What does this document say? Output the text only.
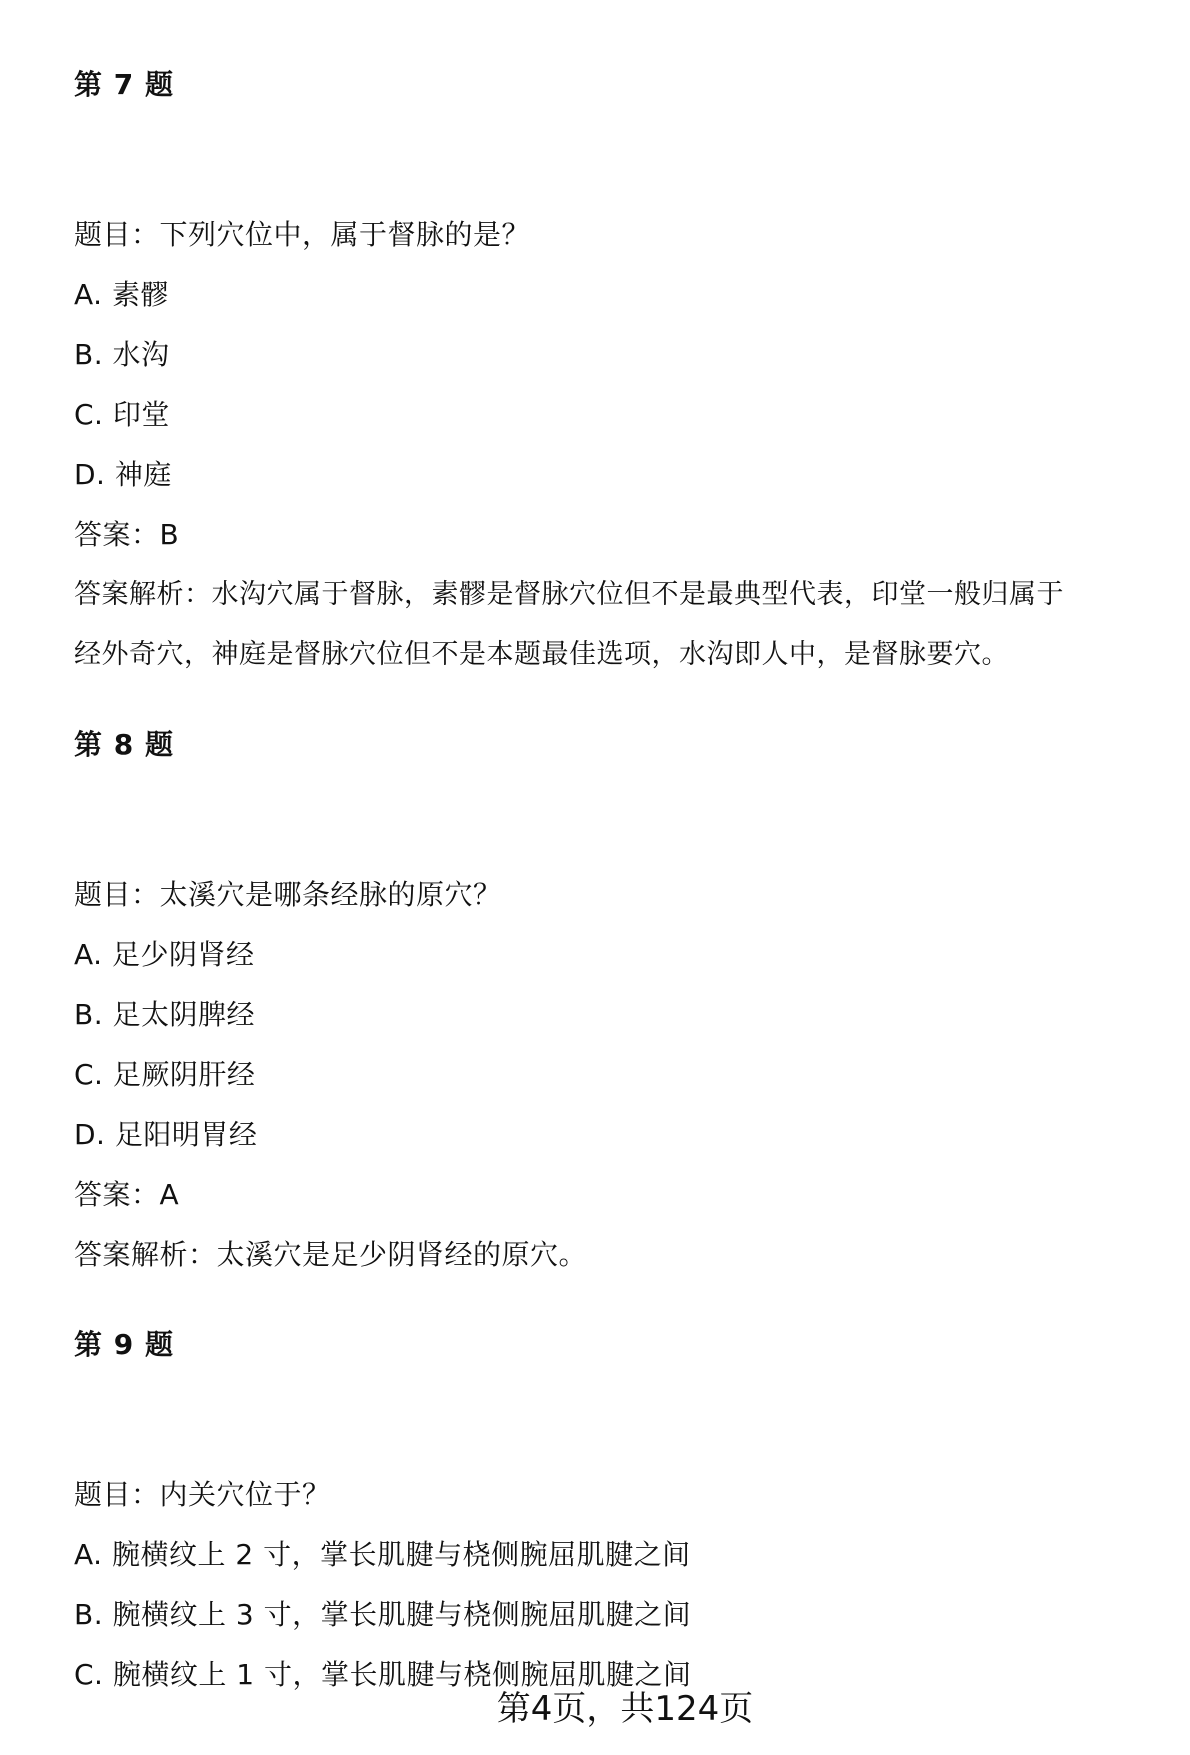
第 7 题
题目：下列穴位中，属于督脉的是？
A. 素髎
B. 水沟
C. 印堂
D. 神庭
答案：B
答案解析：水沟穴属于督脉，素髎是督脉穴位但不是最典型代表，印堂一般归属于
经外奇穴，神庭是督脉穴位但不是本题最佳选项，水沟即人中，是督脉要穴。
第 8 题
题目：太溪穴是哪条经脉的原穴？
A. 足少阴肾经
B. 足太阴脾经
C. 足厥阴肝经
D. 足阳明胃经
答案：A
答案解析：太溪穴是足少阴肾经的原穴。
第 9 题
题目：内关穴位于？
A. 腕横纹上 2 寸，掌长肌腱与桡侧腕屈肌腱之间
B. 腕横纹上 3 寸，掌长肌腱与桡侧腕屈肌腱之间
C. 腕横纹上 1 寸，掌长肌腱与桡侧腕屈肌腱之间
第4页，共124页
